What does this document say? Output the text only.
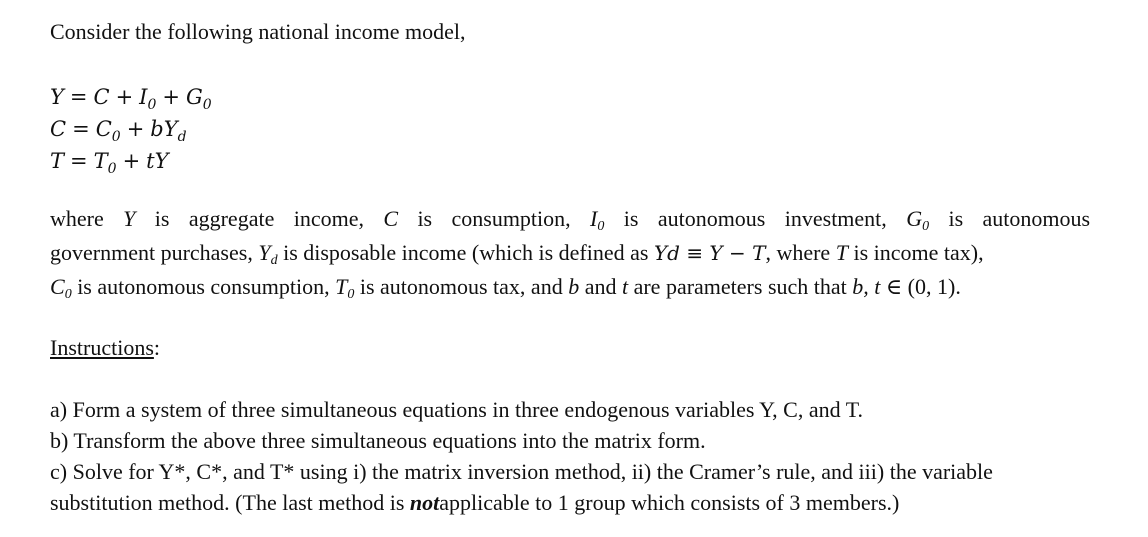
Consider the following national income model,
$Y = C + I_0 + G_0$
$C = C_0 + bY_d$
$T = T_0$ + tY
where Y is aggregate income, C is consumption, $I_0$ is autonomous investment, $G_0$ is autonomous
government purchases, $Y_d$ is disposable income (which is defined as Yd ≡ Y − T, where T is income tax),
$C_0$ is autonomous consumption, $T_0$ is autonomous tax, and b and t are parameters such that b, t ∈ (0, 1).
Instructions:
a) Form a system of three simultaneous equations in three endogenous variables Y, C, and T.
b) Transform the above three simultaneous equations into the matrix form.
c) Solve for Y*, C*, and T* using i) the matrix inversion method, ii) the Cramer’s rule, and iii) the variable
substitution method. (The last method is notapplicable to 1 group which consists of 3 members.)
